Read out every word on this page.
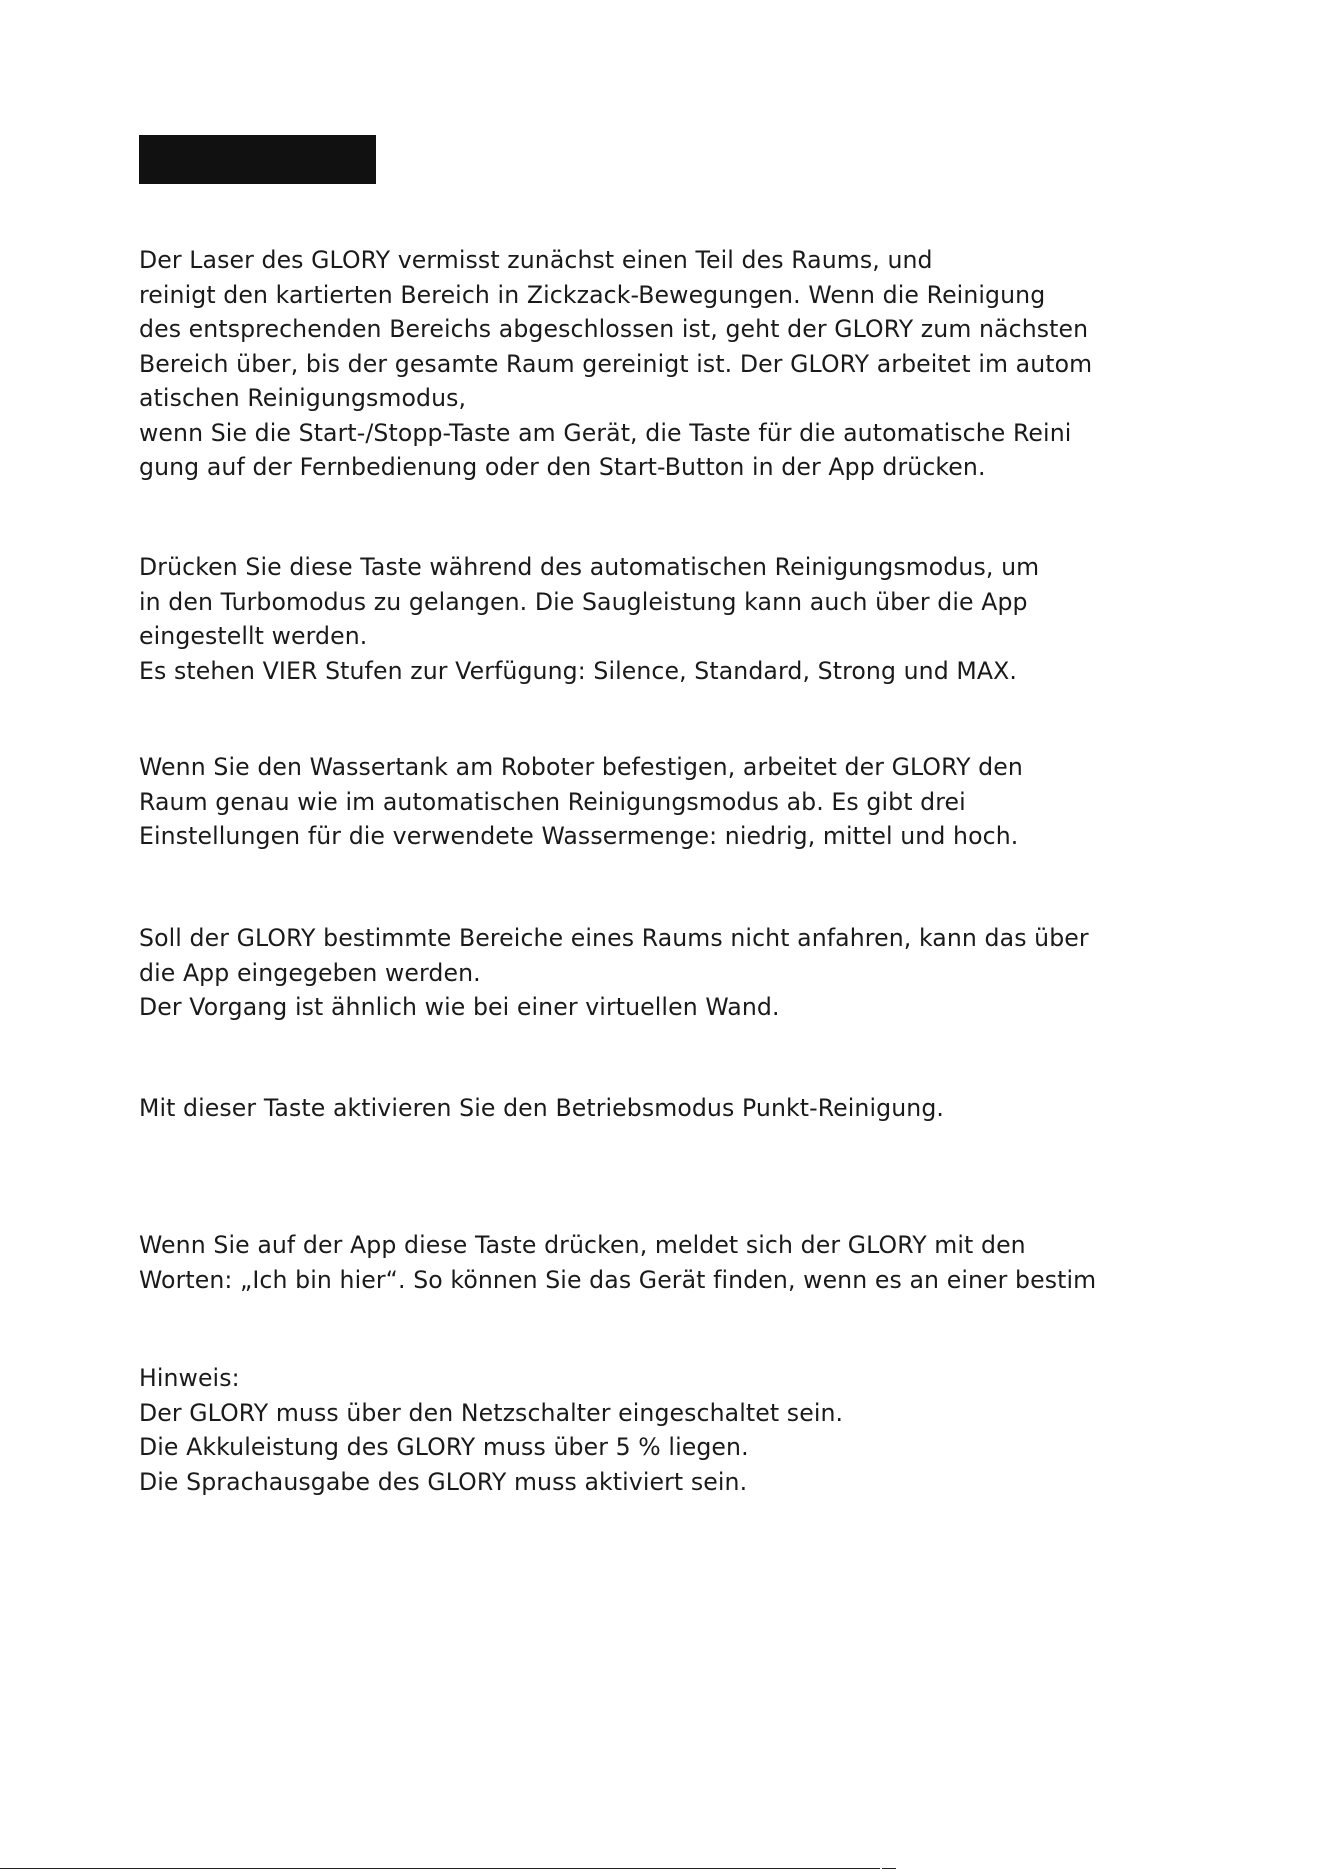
Der Laser des GLORY vermisst zunächst einen Teil des Raums, und
reinigt den kartierten Bereich in Zickzack-Bewegungen. Wenn die Reinigung
des entsprechenden Bereichs abgeschlossen ist, geht der GLORY zum nächsten
Bereich über, bis der gesamte Raum gereinigt ist. Der GLORY arbeitet im autom
atischen Reinigungsmodus,
wenn Sie die Start-/Stopp-Taste am Gerät, die Taste für die automatische Reini
gung auf der Fernbedienung oder den Start-Button in der App drücken.
Drücken Sie diese Taste während des automatischen Reinigungsmodus, um
in den Turbomodus zu gelangen. Die Saugleistung kann auch über die App
eingestellt werden.
Es stehen VIER Stufen zur Verfügung: Silence, Standard, Strong und MAX.
Wenn Sie den Wassertank am Roboter befestigen, arbeitet der GLORY den
Raum genau wie im automatischen Reinigungsmodus ab. Es gibt drei
Einstellungen für die verwendete Wassermenge: niedrig, mittel und hoch.
Soll der GLORY bestimmte Bereiche eines Raums nicht anfahren, kann das über
die App eingegeben werden.
Der Vorgang ist ähnlich wie bei einer virtuellen Wand.
Mit dieser Taste aktivieren Sie den Betriebsmodus Punkt-Reinigung.
Wenn Sie auf der App diese Taste drücken, meldet sich der GLORY mit den
Worten: „Ich bin hier“. So können Sie das Gerät finden, wenn es an einer bestim
Hinweis:
Der GLORY muss über den Netzschalter eingeschaltet sein.
Die Akkuleistung des GLORY muss über 5 % liegen.
Die Sprachausgabe des GLORY muss aktiviert sein.
